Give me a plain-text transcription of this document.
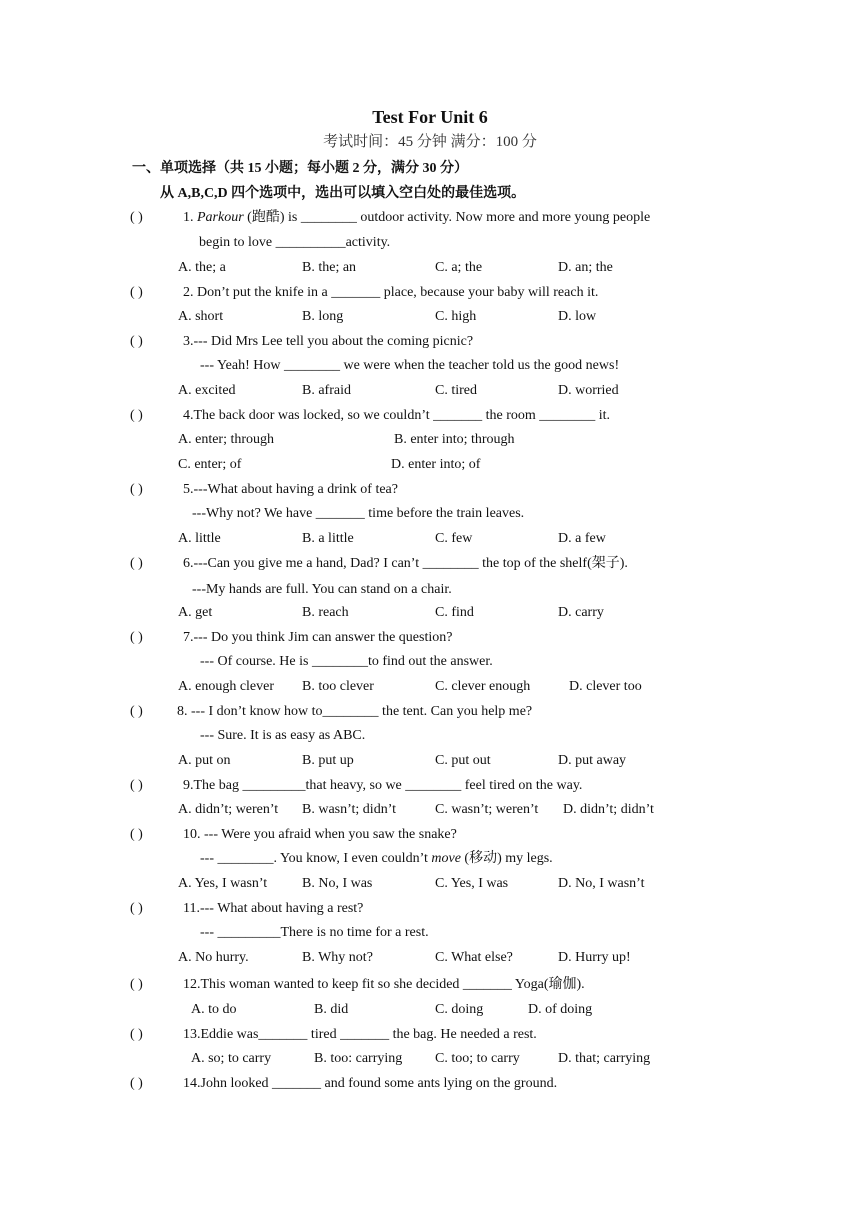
Test For Unit 6
考试时间：45 分钟 满分：100 分
一、单项选择（共 15 小题；每小题 2 分，满分 30 分）
从 A,B,C,D 四个选项中，选出可以填入空白处的最佳选项。
( )	1. Parkour (跑酷) is ________ outdoor activity. Now more and more young people
begin to love __________activity.
A. the; a	B. the; an	C. a; the	D. an; the
( )	2. Don’t put the knife in a _______ place, because your baby will reach it.
A. short	B. long	C. high	D. low
( )	3.--- Did Mrs Lee tell you about the coming picnic?
--- Yeah! How ________ we were when the teacher told us the good news!
A. excited	B. afraid	C. tired	D. worried
( )	4.The back door was locked, so we couldn’t _______ the room ________ it.
A. enter; through	B. enter into; through
C. enter; of	D. enter into; of
( )	5.---What about having a drink of tea?
---Why not? We have _______ time before the train leaves.
A. little	B. a little	C. few	D. a few
( )	6.---Can you give me a hand, Dad? I can’t ________ the top of the shelf(架子).
---My hands are full. You can stand on a chair.
A. get	B. reach	C. find	D. carry
( )	7.--- Do you think Jim can answer the question?
--- Of course. He is ________to find out the answer.
A. enough clever B. too clever	C. clever enough	D. clever too
( ) 8. --- I don’t know how to________ the tent. Can you help me?
--- Sure. It is as easy as ABC.
A. put on	B. put up	C. put out	D. put away
( )	9.The bag _________that heavy, so we ________ feel tired on the way.
A. didn’t; weren’t B. wasn’t; didn’t	C. wasn’t; weren’t D. didn’t; didn’t
( )	10. --- Were you afraid when you saw the snake?
--- ________. You know, I even couldn’t move (移动) my legs.
A. Yes, I wasn’t B. No, I was	C. Yes, I was	D. No, I wasn’t
( )	11.--- What about having a rest?
--- _________There is no time for a rest.
A. No hurry.	B. Why not?	C. What else?	D. Hurry up!
( )	12.This woman wanted to keep fit so she decided _______ Yoga(瑜伽).
A. to do	B. did	C. doing	D. of doing
( )	13.Eddie was_______ tired _______ the bag. He needed a rest.
A. so; to carry	B. too: carrying C. too; to carry	D. that; carrying
( )	14.John looked _______ and found some ants lying on the ground.
